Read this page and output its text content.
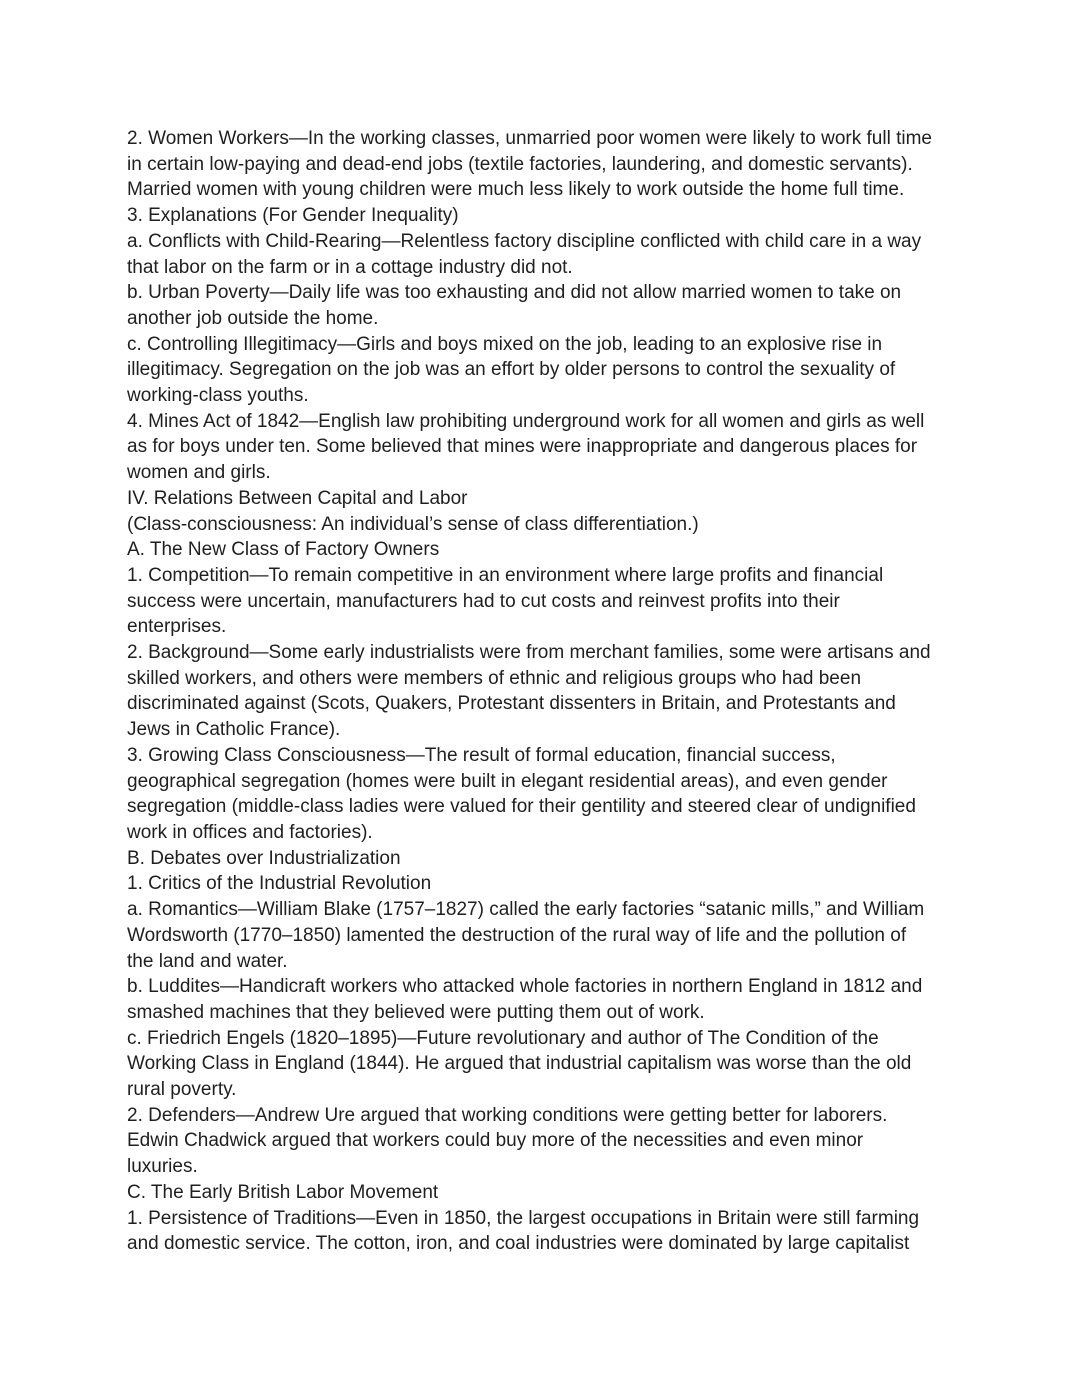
2. Women Workers—In the working classes, unmarried poor women were likely to work full time
in certain low-paying and dead-end jobs (textile factories, laundering, and domestic servants).
Married women with young children were much less likely to work outside the home full time.
3. Explanations (For Gender Inequality)
a. Conflicts with Child-Rearing—Relentless factory discipline conflicted with child care in a way
that labor on the farm or in a cottage industry did not.
b. Urban Poverty—Daily life was too exhausting and did not allow married women to take on
another job outside the home.
c. Controlling Illegitimacy—Girls and boys mixed on the job, leading to an explosive rise in
illegitimacy. Segregation on the job was an effort by older persons to control the sexuality of
working-class youths.
4. Mines Act of 1842—English law prohibiting underground work for all women and girls as well
as for boys under ten. Some believed that mines were inappropriate and dangerous places for
women and girls.
IV. Relations Between Capital and Labor
(Class-consciousness: An individual’s sense of class differentiation.)
A. The New Class of Factory Owners
1. Competition—To remain competitive in an environment where large profits and financial
success were uncertain, manufacturers had to cut costs and reinvest profits into their
enterprises.
2. Background—Some early industrialists were from merchant families, some were artisans and
skilled workers, and others were members of ethnic and religious groups who had been
discriminated against (Scots, Quakers, Protestant dissenters in Britain, and Protestants and
Jews in Catholic France).
3. Growing Class Consciousness—The result of formal education, financial success,
geographical segregation (homes were built in elegant residential areas), and even gender
segregation (middle-class ladies were valued for their gentility and steered clear of undignified
work in offices and factories).
B. Debates over Industrialization
1. Critics of the Industrial Revolution
a. Romantics—William Blake (1757–1827) called the early factories “satanic mills,” and William
Wordsworth (1770–1850) lamented the destruction of the rural way of life and the pollution of
the land and water.
b. Luddites—Handicraft workers who attacked whole factories in northern England in 1812 and
smashed machines that they believed were putting them out of work.
c. Friedrich Engels (1820–1895)—Future revolutionary and author of The Condition of the
Working Class in England (1844). He argued that industrial capitalism was worse than the old
rural poverty.
2. Defenders—Andrew Ure argued that working conditions were getting better for laborers.
Edwin Chadwick argued that workers could buy more of the necessities and even minor
luxuries.
C. The Early British Labor Movement
1. Persistence of Traditions—Even in 1850, the largest occupations in Britain were still farming
and domestic service. The cotton, iron, and coal industries were dominated by large capitalist
